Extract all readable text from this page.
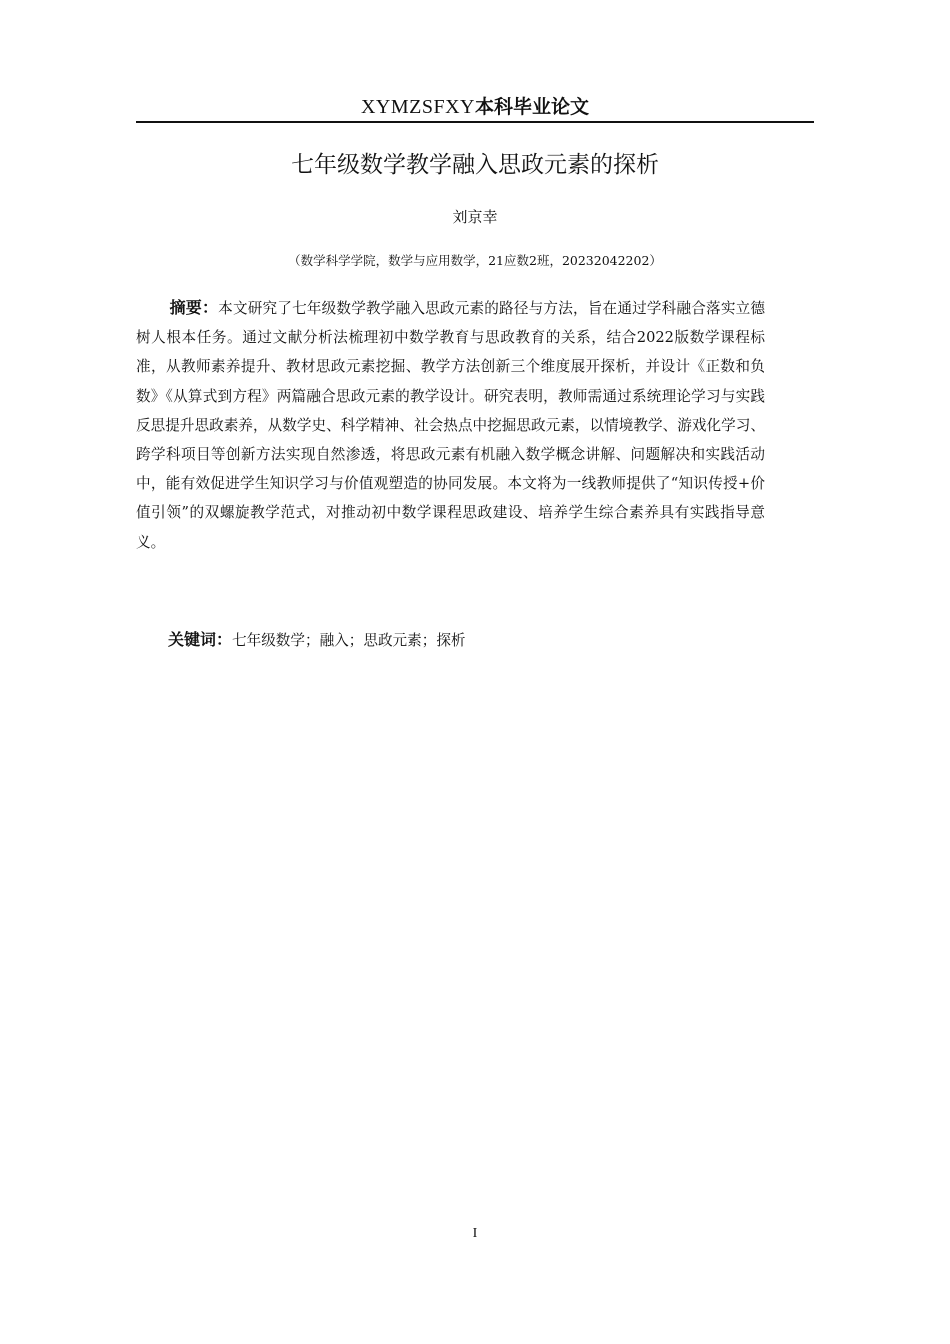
XYMZSFXY本科毕业论文
七年级数学教学融入思政元素的探析
刘京幸
（数学科学学院，数学与应用数学，21应数2班，20232042202）

摘要：本文研究了七年级数学教学融入思政元素的路径与方法，旨在通过学科融合落实立德树人根本任务。通过文献分析法梳理初中数学教育与思政教育的关系，结合2022版数学课程标准，从教师素养提升、教材思政元素挖掘、教学方法创新三个维度展开探析，并设计《正数和负数》《从算式到方程》两篇融合思政元素的教学设计。研究表明，教师需通过系统理论学习与实践反思提升思政素养，从数学史、科学精神、社会热点中挖掘思政元素，以情境教学、游戏化学习、跨学科项目等创新方法实现自然渗透，将思政元素有机融入数学概念讲解、问题解决和实践活动中，能有效促进学生知识学习与价值观塑造的协同发展。本文将为一线教师提供了“知识传授+价值引领”的双螺旋教学范式，对推动初中数学课程思政建设、培养学生综合素养具有实践指导意义。

关键词：七年级数学；融入；思政元素；探析

I
